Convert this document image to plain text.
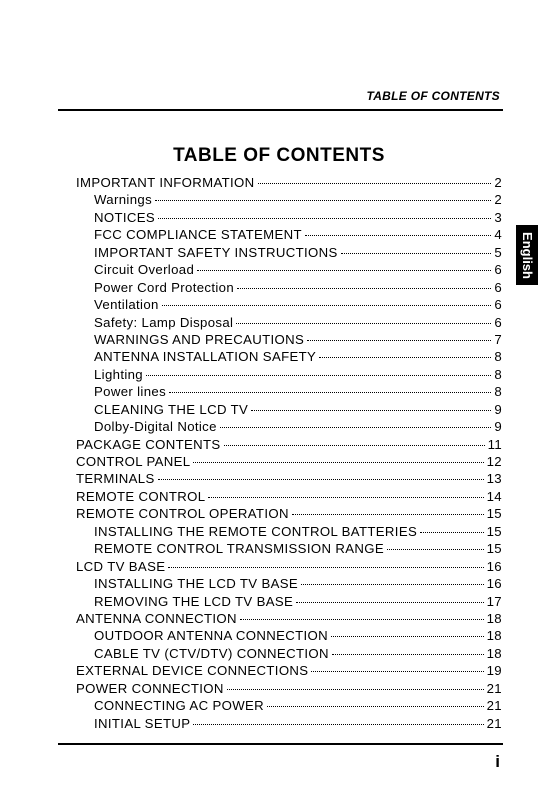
TABLE OF CONTENTS
TABLE OF CONTENTS
IMPORTANT INFORMATION	2
Warnings	2
NOTICES	3
FCC COMPLIANCE STATEMENT	4
IMPORTANT SAFETY INSTRUCTIONS	5
Circuit Overload	6
Power Cord Protection	6
Ventilation	6
Safety: Lamp Disposal	6
WARNINGS AND PRECAUTIONS	7
ANTENNA INSTALLATION SAFETY	8
Lighting	8
Power lines	8
CLEANING THE LCD TV	9
Dolby-Digital Notice	9
PACKAGE CONTENTS	11
CONTROL PANEL	12
TERMINALS	13
REMOTE CONTROL	14
REMOTE CONTROL OPERATION	15
INSTALLING THE REMOTE CONTROL BATTERIES	15
REMOTE CONTROL TRANSMISSION RANGE	15
LCD TV BASE	16
INSTALLING THE LCD TV BASE	16
REMOVING THE LCD TV BASE	17
ANTENNA CONNECTION	18
OUTDOOR ANTENNA CONNECTION	18
CABLE TV (CTV/DTV) CONNECTION	18
EXTERNAL DEVICE CONNECTIONS	19
POWER CONNECTION	21
CONNECTING AC POWER	21
INITIAL SETUP	21
English
i
